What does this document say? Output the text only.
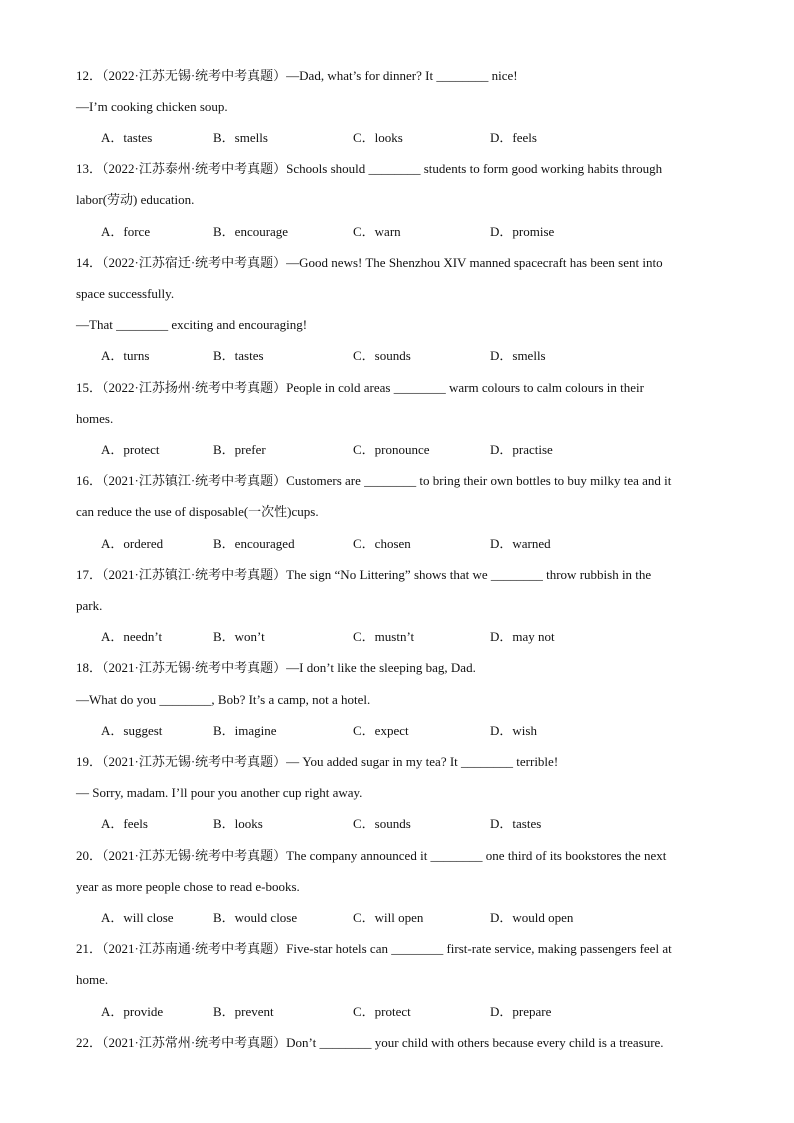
12．（2022·江苏无锡·统考中考真题）—Dad, what’s for dinner? It ________ nice!
—I’m cooking chicken soup.
A．tastes	B．smells	C．looks	D．feels
13．（2022·江苏泰州·统考中考真题）Schools should ________ students to form good working habits through
labor(劳动) education.
A．force	B．encourage	C．warn	D．promise
14．（2022·江苏宿迁·统考中考真题）—Good news! The Shenzhou XIV manned spacecraft has been sent into
space successfully.
—That ________ exciting and encouraging!
A．turns	B．tastes	C．sounds	D．smells
15．（2022·江苏扬州·统考中考真题）People in cold areas ________ warm colours to calm colours in their
homes.
A．protect	B．prefer	C．pronounce	D．practise
16．（2021·江苏镇江·统考中考真题）Customers are ________ to bring their own bottles to buy milky tea and it
can reduce the use of disposable(一次性)cups.
A．ordered	B．encouraged	C．chosen	D．warned
17．（2021·江苏镇江·统考中考真题）The sign “No Littering” shows that we ________ throw rubbish in the
park.
A．needn’t	B．won’t	C．mustn’t	D．may not
18．（2021·江苏无锡·统考中考真题）—I don’t like the sleeping bag, Dad.
—What do you ________, Bob? It’s a camp, not a hotel.
A．suggest	B．imagine	C．expect	D．wish
19．（2021·江苏无锡·统考中考真题）— You added sugar in my tea? It ________ terrible!
— Sorry, madam. I’ll pour you another cup right away.
A．feels	B．looks	C．sounds	D．tastes
20．（2021·江苏无锡·统考中考真题）The company announced it ________ one third of its bookstores the next
year as more people chose to read e-books.
A．will close	B．would close	C．will open	D．would open
21．（2021·江苏南通·统考中考真题）Five-star hotels can ________ first-rate service, making passengers feel at
home.
A．provide	B．prevent	C．protect	D．prepare
22．（2021·江苏常州·统考中考真题）Don’t ________ your child with others because every child is a treasure.
